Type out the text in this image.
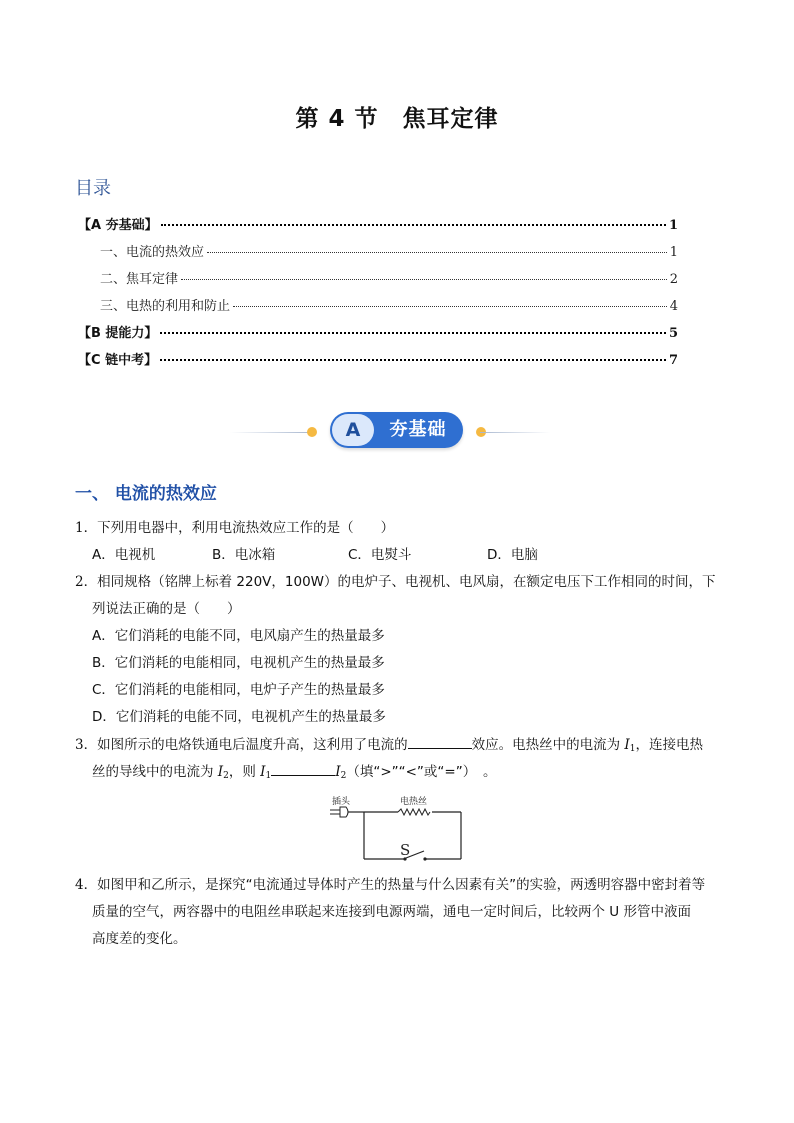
第 4 节　焦耳定律
目录
【A 夯基础】	1
一、电流的热效应	1
二、焦耳定律	2
三、电热的利用和防止	4
【B 提能力】	5
【C 链中考】	7
A	夯基础
一、 电流的热效应
1．下列用电器中，利用电流热效应工作的是（　　）
A．电视机	B．电冰箱	C．电熨斗	D．电脑
2．相同规格（铭牌上标着 220V，100W）的电炉子、电视机、电风扇，在额定电压下工作相同的时间，下
列说法正确的是（　　）
A．它们消耗的电能不同，电风扇产生的热量最多
B．它们消耗的电能相同，电视机产生的热量最多
C．它们消耗的电能相同，电炉子产生的热量最多
D．它们消耗的电能不同，电视机产生的热量最多
3．如图所示的电烙铁通电后温度升高，这利用了电流的	效应。电热丝中的电流为 $I_1$，连接电热
丝的导线中的电流为 $I_2$，则 $I_1$	$I_2$（填“>”“<”或“=”）　。
插头	电热丝
S
4．如图甲和乙所示，是探究“电流通过导体时产生的热量与什么因素有关”的实验，两透明容器中密封着等
质量的空气，两容器中的电阻丝串联起来连接到电源两端，通电一定时间后，比较两个 U 形管中液面
高度差的变化。
